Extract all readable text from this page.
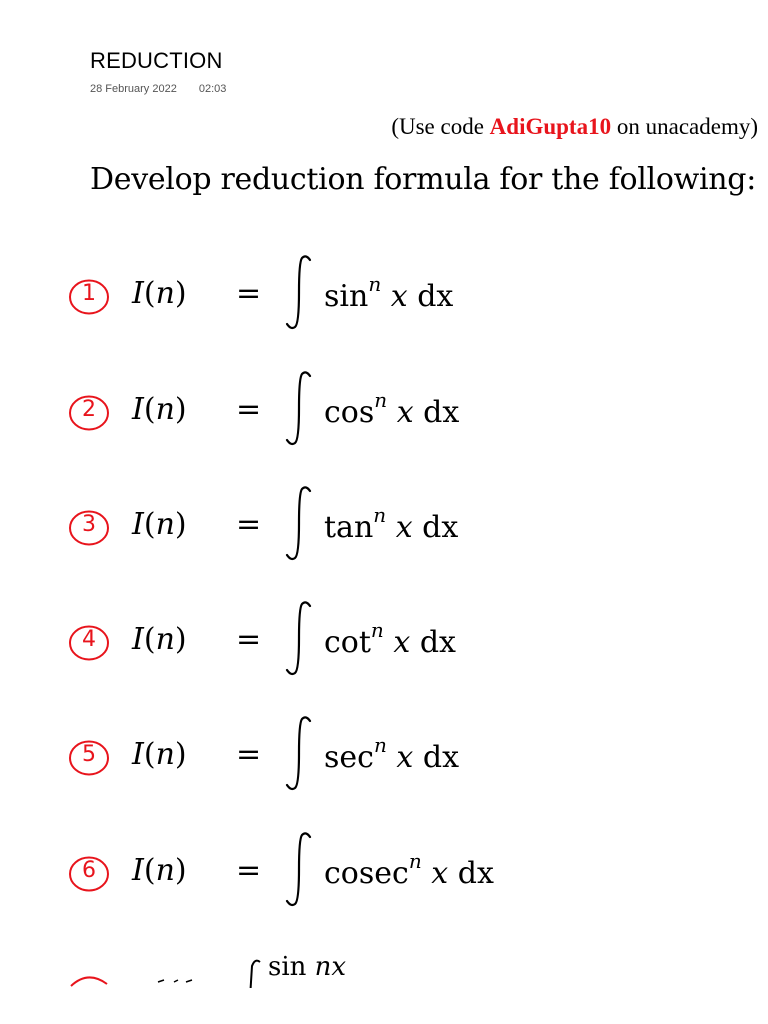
REDUCTION
28 February 2022 02:03
(Use code AdiGupta10 on unacademy)
Develop reduction formula for the following:
1	$I(n) = \sin^n x$ dx
2	$I(n) = \cos^n x$ dx
3	$I(n) = \tan^n x$ dx
4	$I(n) = \cot^n x$ dx
5	$I(n) = \sec^n x$ dx
6	I(n) = cosec$^n$ x dx
sin nx
